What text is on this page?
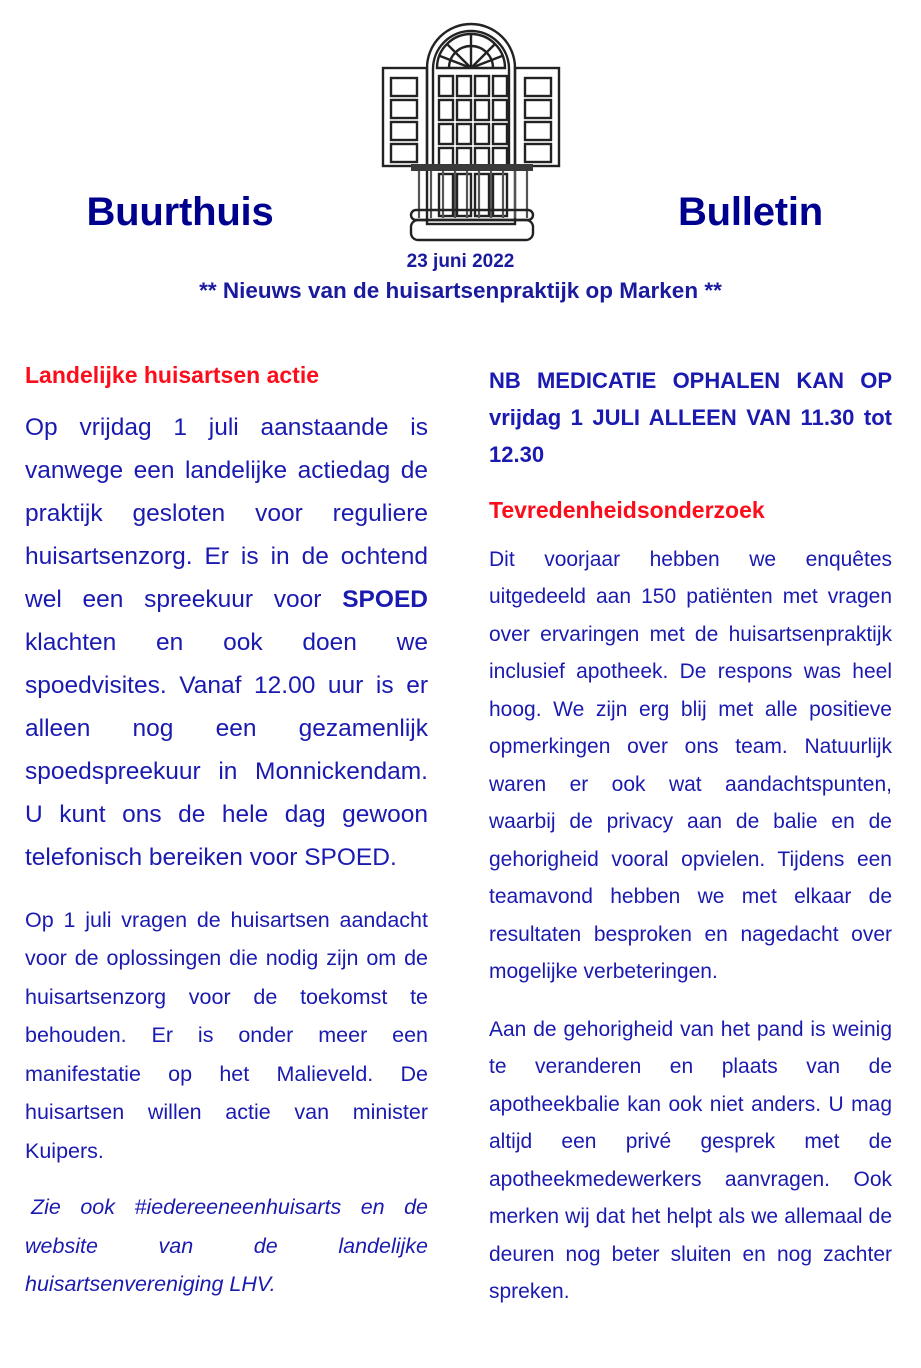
Buurthuis	Bulletin
23 juni 2022
** Nieuws van de huisartsenpraktijk op Marken **
Landelijke huisartsen actie

Op vrijdag 1 juli aanstaande is vanwege een landelijke actiedag de praktijk gesloten voor reguliere huisartsenzorg. Er is in de ochtend wel een spreekuur voor SPOED klachten en ook doen we spoedvisites. Vanaf 12.00 uur is er alleen nog een gezamenlijk spoedspreekuur in Monnickendam. U kunt ons de hele dag gewoon telefonisch bereiken voor SPOED.

Op 1 juli vragen de huisartsen aandacht voor de oplossingen die nodig zijn om de huisartsenzorg voor de toekomst te behouden. Er is onder meer een manifestatie op het Malieveld. De huisartsen willen actie van minister Kuipers.

Zie ook #iedereeneenhuisarts en de website van de landelijke huisartsenvereniging LHV.

NB MEDICATIE OPHALEN KAN OP vrijdag 1 JULI ALLEEN VAN 11.30 tot 12.30

Tevredenheidsonderzoek

Dit voorjaar hebben we enquêtes uitgedeeld aan 150 patiënten met vragen over ervaringen met de huisartsenpraktijk inclusief apotheek. De respons was heel hoog. We zijn erg blij met alle positieve opmerkingen over ons team. Natuurlijk waren er ook wat aandachtspunten, waarbij de privacy aan de balie en de gehorigheid vooral opvielen. Tijdens een teamavond hebben we met elkaar de resultaten besproken en nagedacht over mogelijke verbeteringen.

Aan de gehorigheid van het pand is weinig te veranderen en plaats van de apotheekbalie kan ook niet anders. U mag altijd een privé gesprek met de apotheekmedewerkers aanvragen. Ook merken wij dat het helpt als we allemaal de deuren nog beter sluiten en nog zachter spreken.
